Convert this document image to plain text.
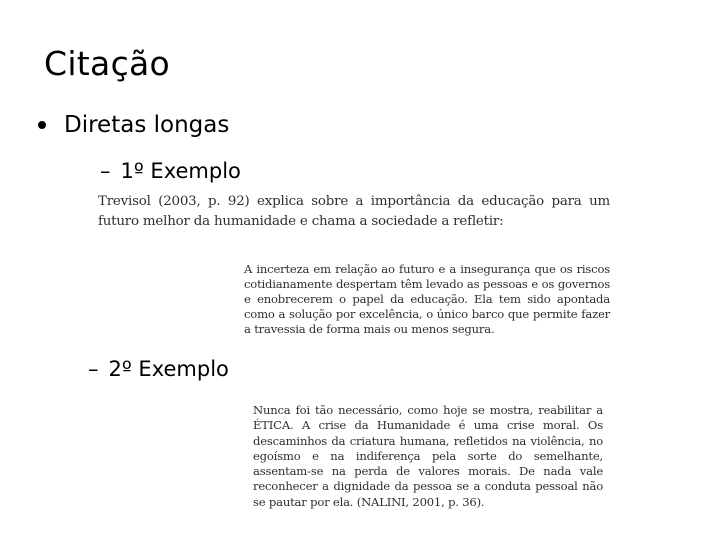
Citação
Diretas longas
– 1º Exemplo
Trevisol (2003, p. 92) explica sobre a importância da educação para um futuro melhor da humanidade e chama a sociedade a refletir:
A incerteza em relação ao futuro e a insegurança que os riscos cotidianamente despertam têm levado as pessoas e os governos e enobrecerem o papel da educação. Ela tem sido apontada como a solução por excelência, o único barco que permite fazer a travessia de forma mais ou menos segura.
– 2º Exemplo
Nunca foi tão necessário, como hoje se mostra, reabilitar a ÉTICA. A crise da Humanidade é uma crise moral. Os descaminhos da criatura humana, refletidos na violência, no egoísmo e na indiferença pela sorte do semelhante, assentam-se na perda de valores morais. De nada vale reconhecer a dignidade da pessoa se a conduta pessoal não se pautar por ela. (NALINI, 2001, p. 36).
